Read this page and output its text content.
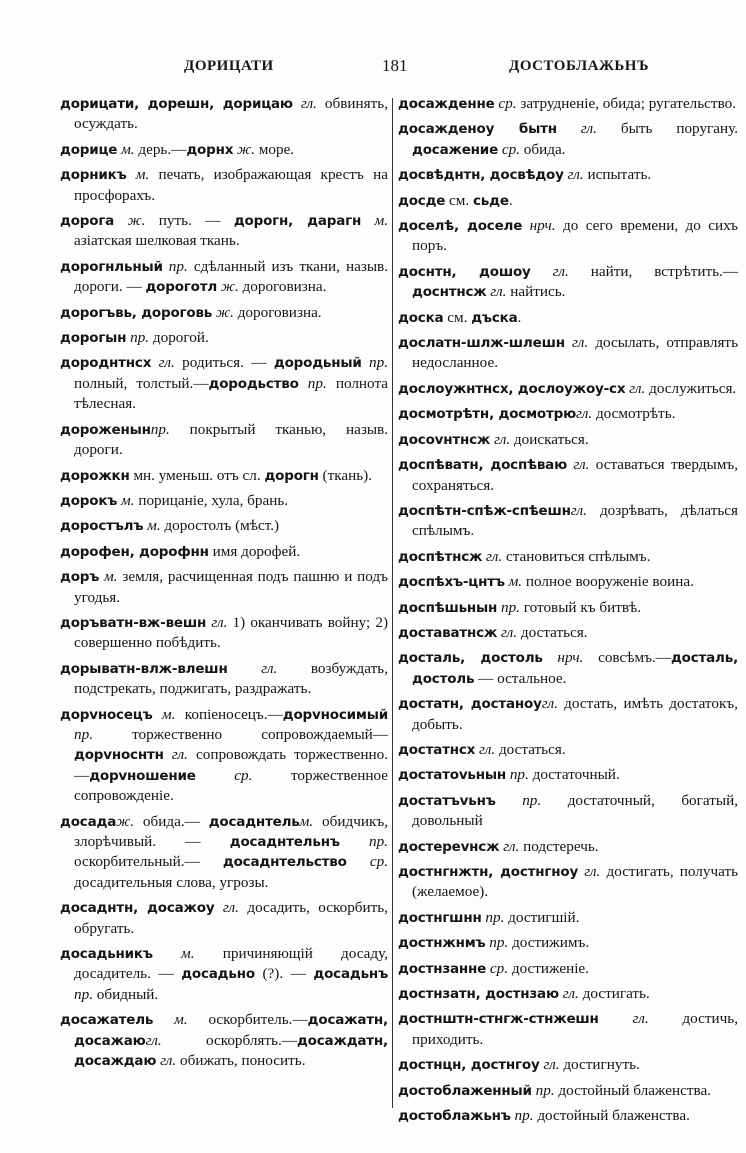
ДОРИЦАТИ	181	ДОСТОБЛАЖЬНЪ

дорицати, дорешн, дорицаю гл. обвинять, осуждать.

дорице м. дерь.—дорнх ж. море.

дорникъ м. печать, изображающая крестъ на просфорахъ.

дорога ж. путь. — дорогн, дарагн м. азіатская шелковая ткань.

дорогнльный пр. сдѣланный изъ ткани, назыв. дороги. — дороготл ж. дороговизна.

дорогъвь, дороговь ж. дороговизна.

дорогын пр. дорогой.

дороднтнсх гл. родиться. — дородьный пр. полный, толстый.—дородьство пр. полнота тѣлесная.

дороженынпр. покрытый тканью, назыв. дороги.

дорожкн мн. уменьш. отъ сл. дорогн (ткань).

дорокъ м. порицаніе, хула, брань.

доростълъ м. доростолъ (мѣст.)

дорофен, дорофнн имя дорофей.

доръ м. земля, расчищенная подъ пашню и подъ угодья.

доръватн-вж-вешн гл. 1) оканчивать войну; 2) совершенно побѣдить.

дорыватн-влж-влешн гл. возбуждать, подстрекать, поджигать, раздражать.

дорvносецъ м. копіеносецъ.—дорvносимый пр. торжественно сопровождаемый—дорvноснтн гл. сопровождать торжественно.—дорvношение	ср. торжественное сопровожденіе.

досадаж. обида.— досаднтельм. обидчикъ, злорѣчивый. — досаднтельнъ пр. оскорбительный.— досаднтельство ср. досадительныя слова, угрозы.

досаднтн, досажоу гл. досадить, оскорбить, обругать.

досадьникъ м. причиняющій досаду, досадитель. — досадьно (?). — досадьнъ пр. обидный.

досажатель м. оскорбитель.—досажатн, досажаюгл. оскорблять.—досаждатн, досаждаю гл. обижать, поносить.

досажденне ср. затрудненіе, обида; ругательство.

досажденоу бытн гл. быть поругану. досажение ср. обида.

досвѣднтн, досвѣдоу гл. испытать.

досде см. сьде.

доселѣ, доселе нрч. до сего времени, до сихъ поръ.

доснтн, дошоу гл. найти, встрѣтить.—доснтнсж гл. найтись.

доска см. дъска.

дослатн-шлж-шлешн гл. досылать, отправлять недосланное.

дослоужнтнсх, дослоужоу-сх гл. дослужиться.

досмотрѣтн, досмотрюгл. досмотрѣть.

досоvнтнсж гл. доискаться.

доспѣватн, доспѣваю гл. оставаться твердымъ, сохраняться.

доспѣтн-спѣж-спѣешнгл. дозрѣвать, дѣлаться спѣлымъ.

доспѣтнсж гл. становиться спѣлымъ.

доспѣхъ-цнтъ м. полное вооруженіе воина.

доспѣшьнын пр. готовый къ битвѣ.

доставатнсж гл. достаться.

досталь, достоль нрч. совсѣмъ.—досталь, достоль — остальное.

достатн, достаноугл. достать, имѣть достатокъ, добыть.

достатнсх гл. достаться.

достатоvьнын пр. достаточный.

достатъvьнъ пр. достаточный, богатый, довольный

достереvнсж гл. подстеречь.

достнгнжтн, достнгноу гл. достигать, получать (желаемое).

достнгшнн пр. достигшій.

достнжнмъ пр. достижимъ.

достнзанне ср. достиженіе.

достнзатн, достнзаю гл. достигать.

достнштн-стнгж-стнжешн гл. достичь, приходить.

достнцн, достнгоу гл. достигнуть.

достоблаженный пр. достойный блаженства.

достоблажьнъ пр. достойный блаженства.
